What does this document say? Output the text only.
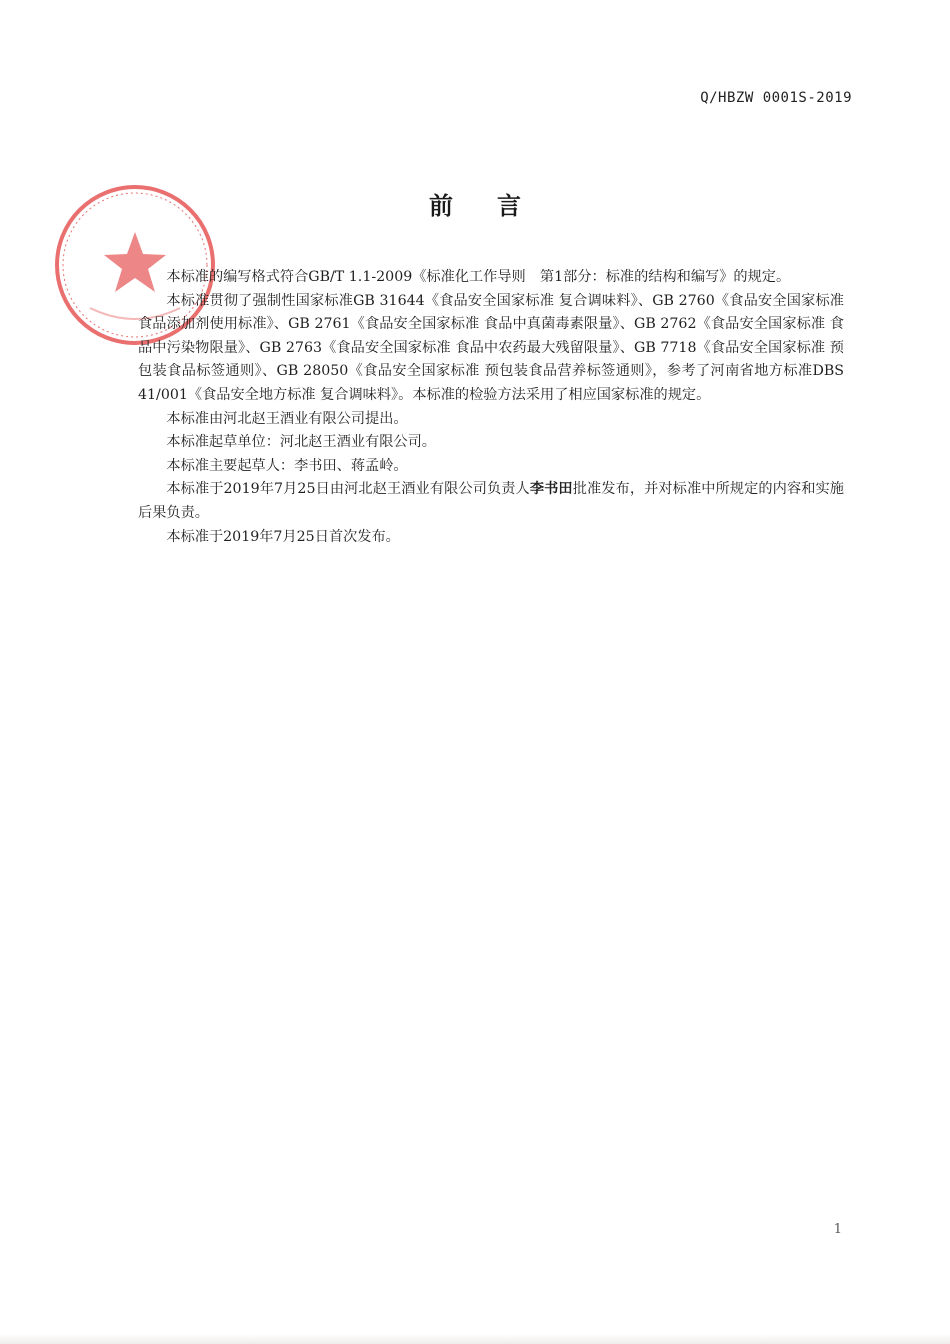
Q/HBZW 0001S-2019
前言

本标准的编写格式符合GB/T 1.1-2009《标准化工作导则　第1部分：标准的结构和编写》的规定。

本标准贯彻了强制性国家标准GB 31644《食品安全国家标准 复合调味料》、GB 2760《食品安全国家标准 食品添加剂使用标准》、GB 2761《食品安全国家标准 食品中真菌毒素限量》、GB 2762《食品安全国家标准 食品中污染物限量》、GB 2763《食品安全国家标准 食品中农药最大残留限量》、GB 7718《食品安全国家标准 预包装食品标签通则》、GB 28050《食品安全国家标准 预包装食品营养标签通则》，参考了河南省地方标准DBS 41/001《食品安全地方标准 复合调味料》。本标准的检验方法采用了相应国家标准的规定。

本标准由河北赵王酒业有限公司提出。

本标准起草单位：河北赵王酒业有限公司。

本标准主要起草人：李书田、蒋孟岭。

本标准于2019年7月25日由河北赵王酒业有限公司负责人李书田批准发布，并对标准中所规定的内容和实施后果负责。

本标准于2019年7月25日首次发布。

1
